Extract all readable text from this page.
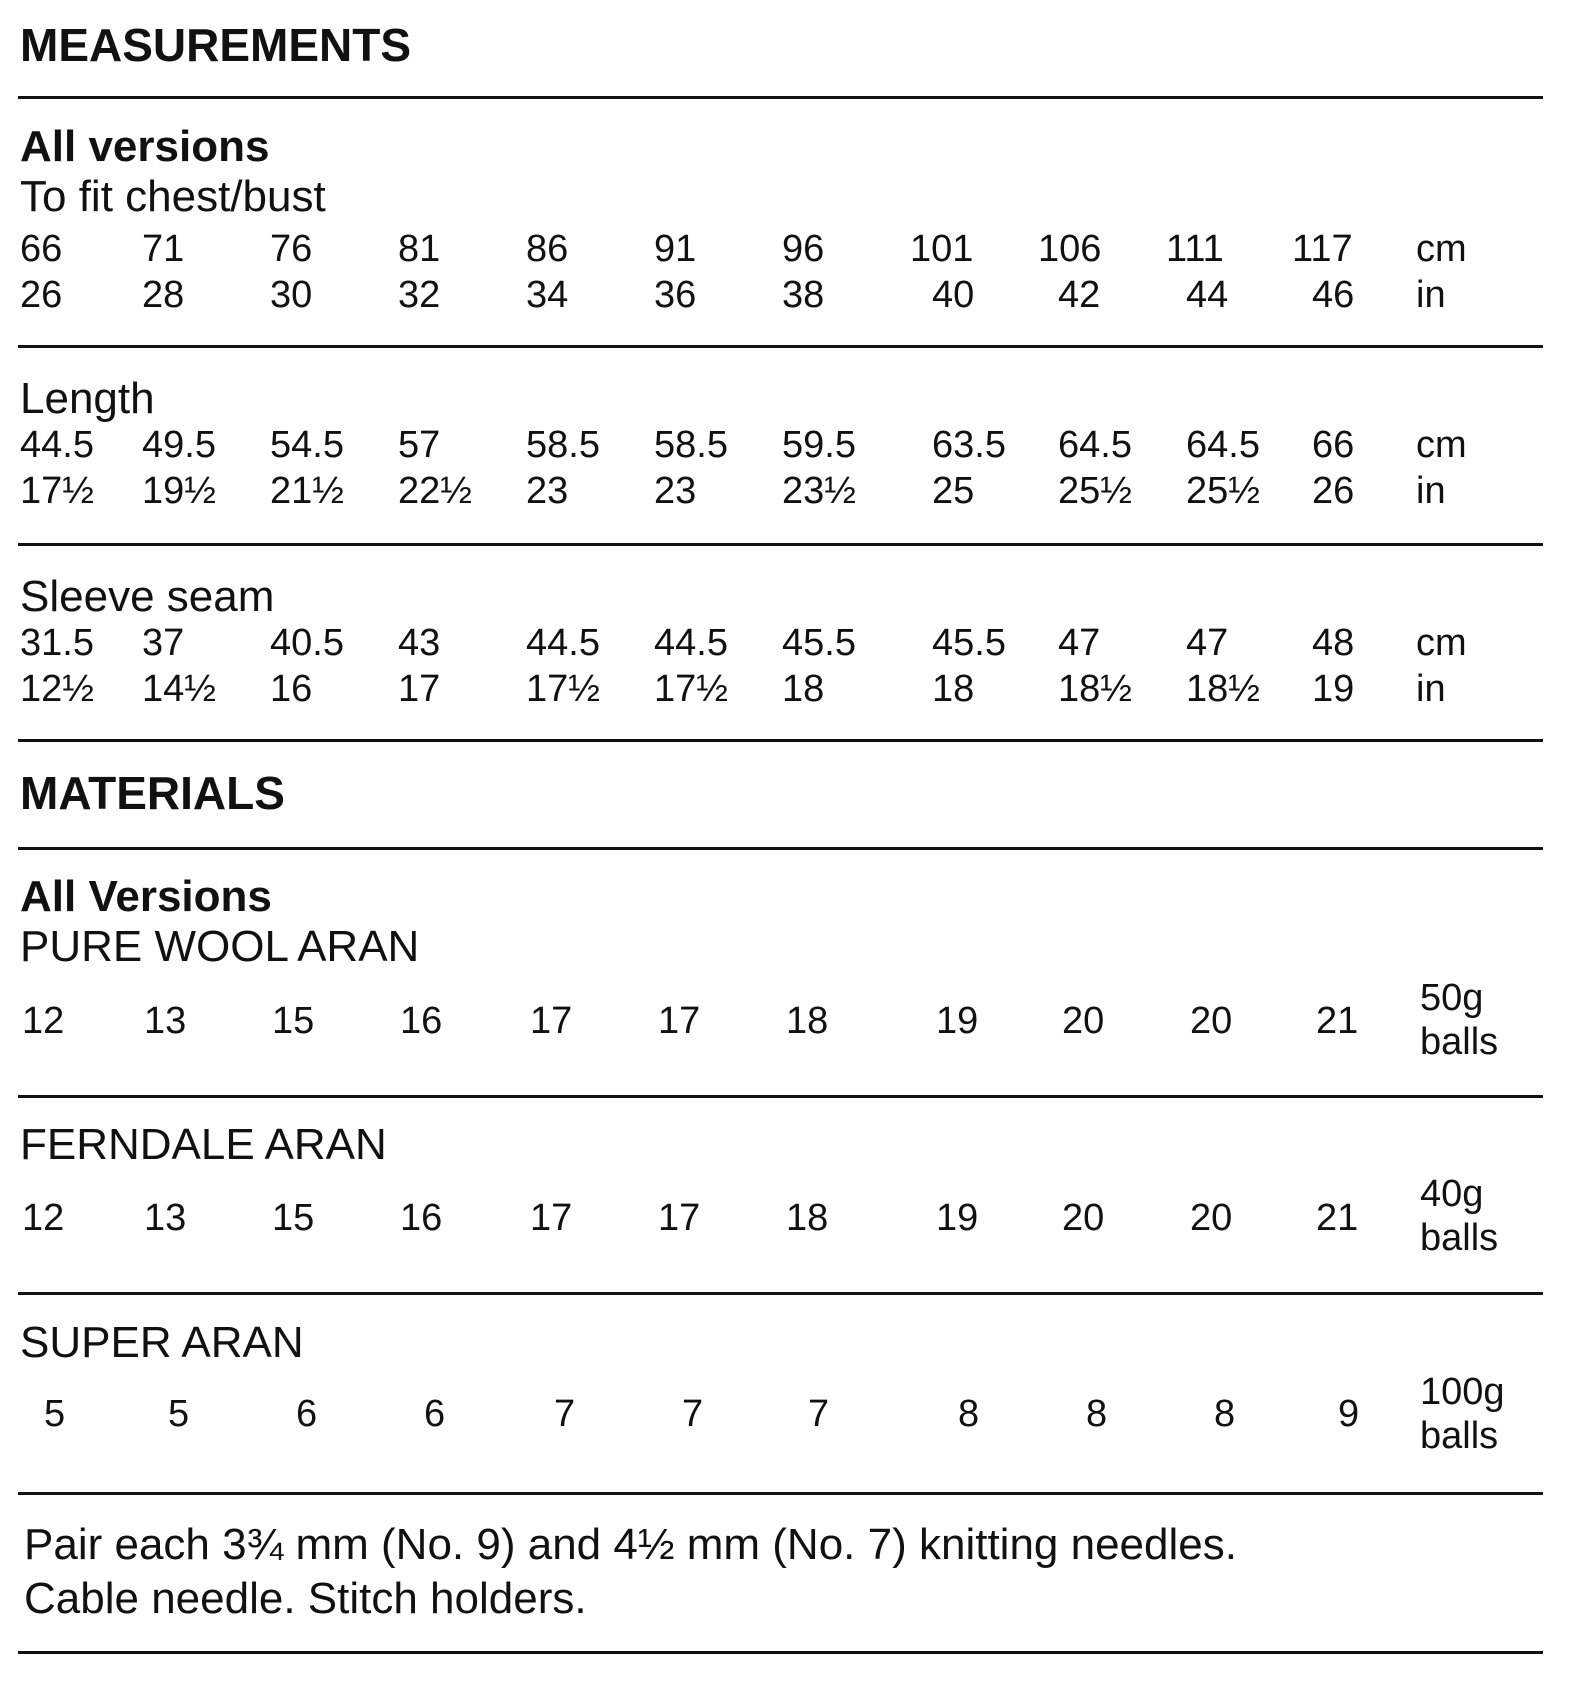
MEASUREMENTS
All versions
To fit chest/bust
66 71 76 81 86 91 96 101 106 111 117 cm
26 28 30 32 34 36 38	40 42 44 46 in
Length
44.5 49.5 54.5 57 58.5 58.5 59.5 63.5 64.5 64.5 66 cm
17½ 19½ 21½ 22½ 23 23 23½ 25 25½ 25½ 26 in
Sleeve seam
31.5 37 40.5 43 44.5 44.5 45.5 45.5 47 47 48 cm
12½ 14½ 16 17 17½ 17½ 18	18 18½ 18½ 19 in
MATERIALS
All Versions
PURE WOOL ARAN
12 13 15 16 17 17 18	19 20 20 21
50g
balls
FERNDALE ARAN
12 13 15 16 17 17 18	19 20 20 21
40g
balls
SUPER ARAN
5	5	6	6	7	7	7	8	8	8	9
100g
balls
Pair each 3¾ mm (No. 9) and 4½ mm (No. 7) knitting needles.
Cable needle. Stitch holders.
